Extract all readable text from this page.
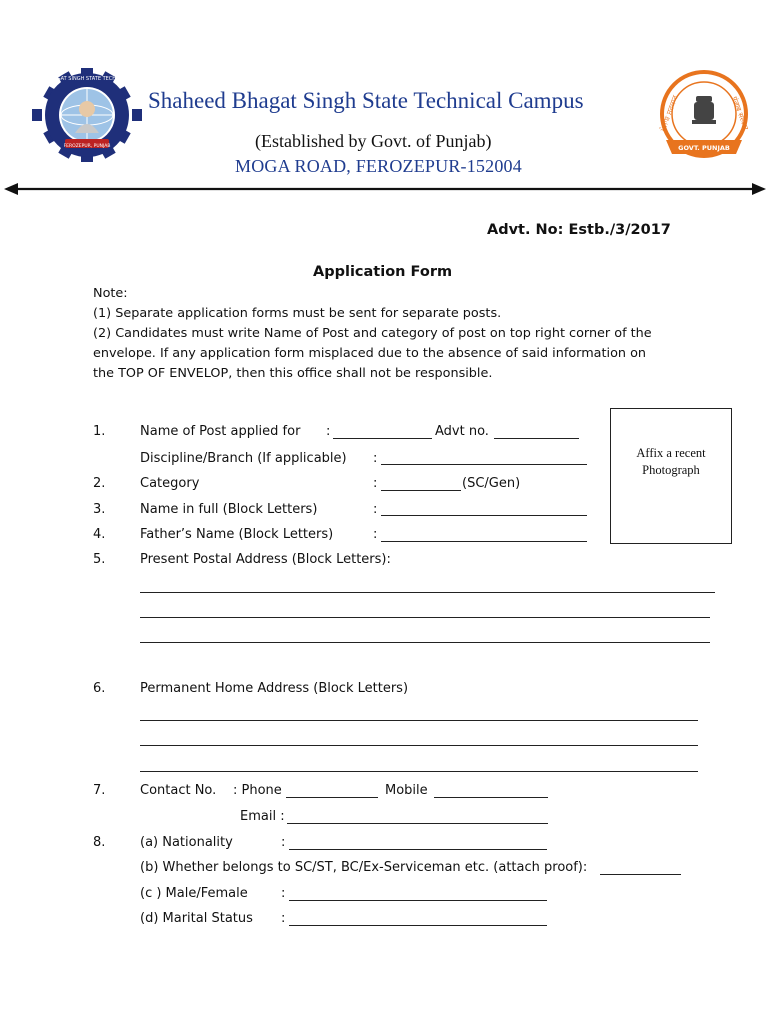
SHAHEED BHAGAT SINGH STATE TECHNICAL CAMPUS
FEROZEPUR, PUNJAB
Shaheed Bhagat Singh State Technical Campus
(Established by Govt. of Punjab)
MOGA ROAD, FEROZEPUR-152004
ਪੰਜਾਬ ਸਰਕਾਰ	पंजाब सरकार
GOVT. PUNJAB
Advt. No: Estb./3/2017
Application Form
Note:
(1) Separate application forms must be sent for separate posts.
(2) Candidates must write Name of Post and category of post on top right corner of the
envelope. If any application form misplaced due to the absence of said information on
the TOP OF ENVELOP, then this office shall not be responsible.
Affix a recent
Photograph
1.	Name of Post applied for :	Advt no.
Discipline/Branch (If applicable) :
2.	Category	:	(SC/Gen)
3.	Name in full (Block Letters)	:
4.	Father’s Name (Block Letters)	:
5.	Present Postal Address (Block Letters):
6.	Permanent Home Address (Block Letters)
7.	Contact No. : Phone	Mobile
Email :
8.	(a) Nationality	:
(b) Whether belongs to SC/ST, BC/Ex-Serviceman etc. (attach proof):
(c ) Male/Female	:
(d) Marital Status :
